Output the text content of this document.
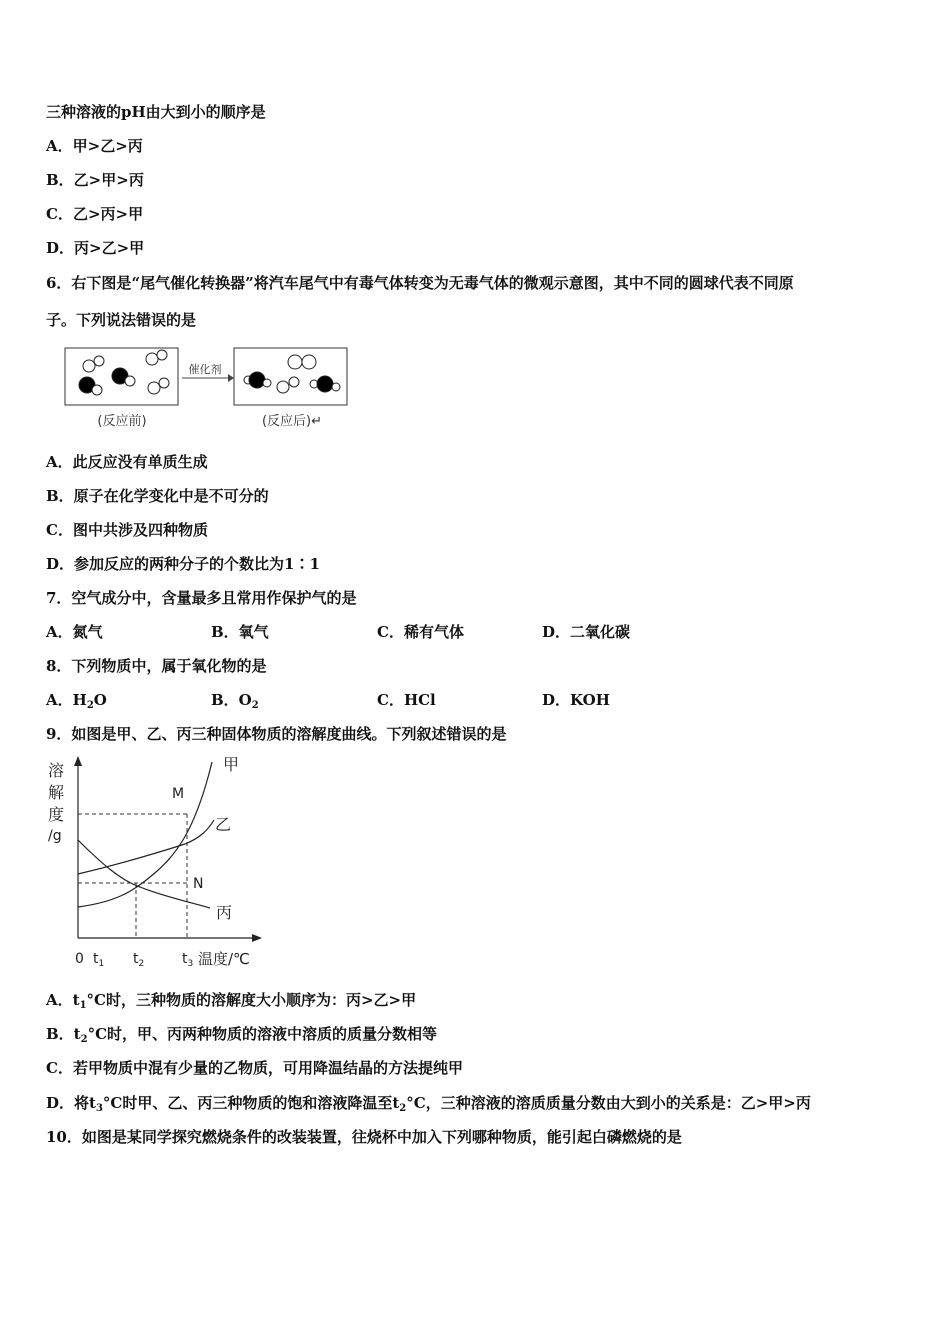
三种溶液的pH由大到小的顺序是
A．甲>乙>丙
B．乙>甲>丙
C．乙>丙>甲
D．丙>乙>甲
6．右下图是“尾气催化转换器”将汽车尾气中有毒气体转变为无毒气体的微观示意图，其中不同的圆球代表不同原
子。下列说法错误的是
催化剂
(反应前)	(反应后)↵
A．此反应没有单质生成
B．原子在化学变化中是不可分的
C．图中共涉及四种物质
D．参加反应的两种分子的个数比为1∶1
7．空气成分中，含量最多且常用作保护气的是
A．氮气	B．氧气	C．稀有气体	D．二氧化碳
8．下列物质中，属于氧化物的是
A．$H_2O$	B．$O_2$	C．HCl	D．KOH
9．如图是甲、乙、丙三种固体物质的溶解度曲线。下列叙述错误的是
溶
解
度
/g
甲
乙
丙
M
N
0 $t_1$ $t_2$	$t_3$ 温度/℃
A．$t_1^\circ C$时，三种物质的溶解度大小顺序为：丙>乙>甲
B．$t_2^\circ C$时，甲、丙两种物质的溶液中溶质的质量分数相等
C．若甲物质中混有少量的乙物质，可用降温结晶的方法提纯甲
D．将$t_3^\circ C$时甲、乙、丙三种物质的饱和溶液降温至$t_2^\circ C$，三种溶液的溶质质量分数由大到小的关系是：乙>甲>丙
10．如图是某同学探究燃烧条件的改装装置，往烧杯中加入下列哪种物质，能引起白磷燃烧的是
